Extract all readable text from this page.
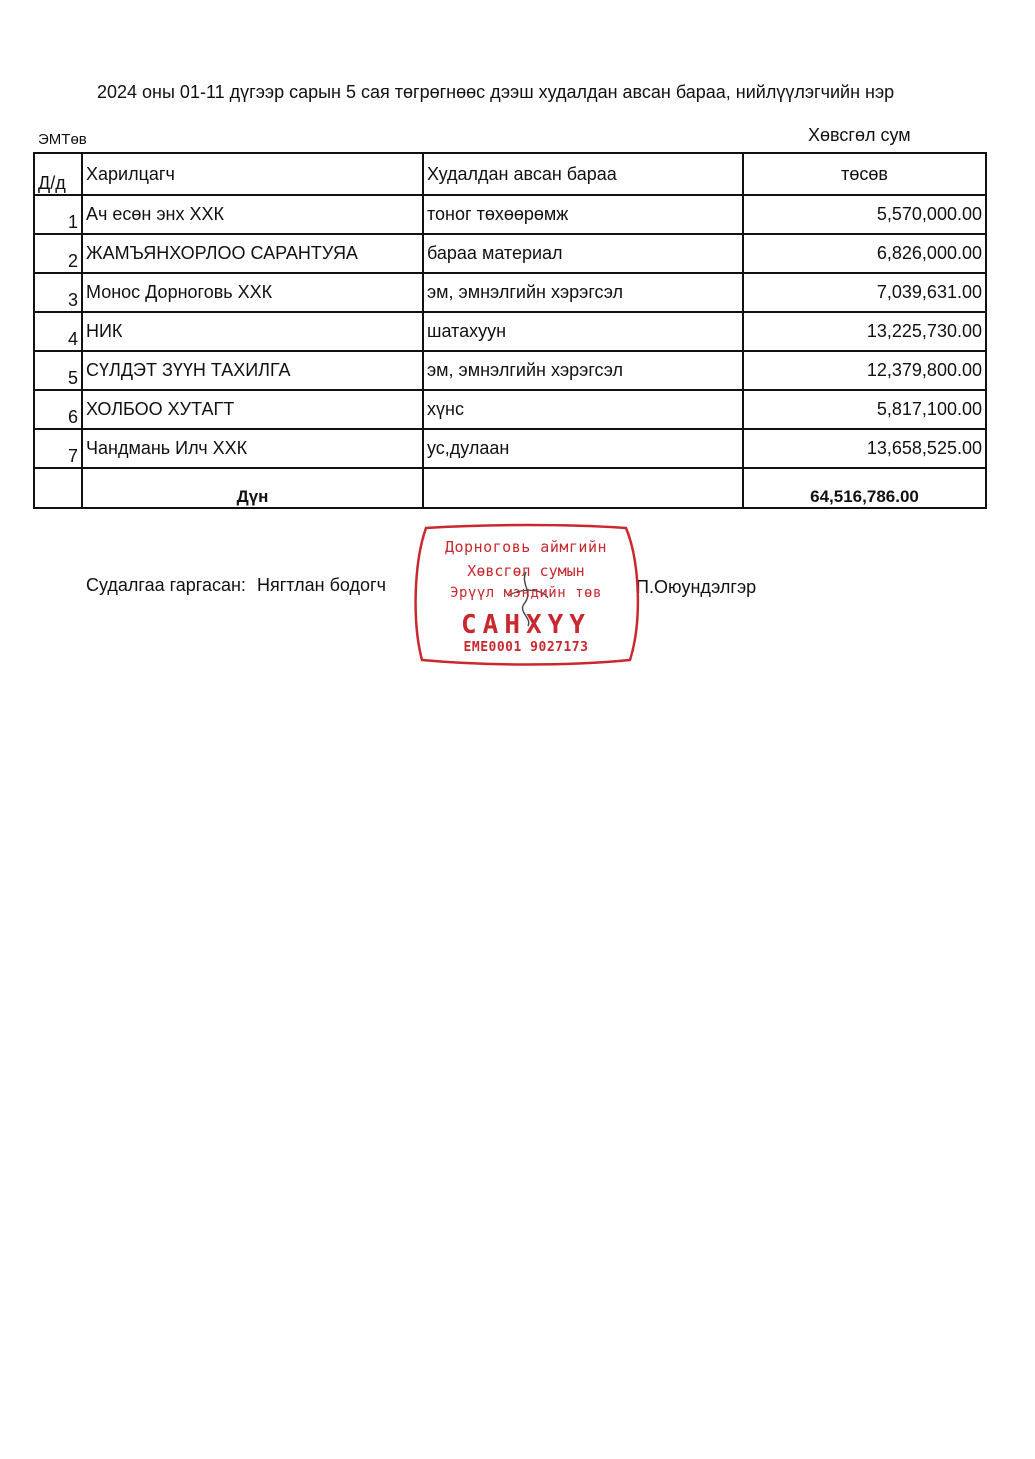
2024 оны 01-11 дүгээр сарын 5 сая төгрөгнөөс дээш худалдан авсан бараа, нийлүүлэгчийн нэр
ЭМТөв	Хөвсгөл сум
Д/д	Харилцагч	Худалдан авсан бараа	төсөв
1	Ач есөн энх ХХК	тоног төхөөрөмж	5,570,000.00
2	ЖАМЪЯНХОРЛОО САРАНТУЯА	бараа материал	6,826,000.00
3	Монос Дорноговь ХХК	эм, эмнэлгийн хэрэгсэл	7,039,631.00
4	НИК	шатахуун	13,225,730.00
5	СҮЛДЭТ ЗҮҮН ТАХИЛГА	эм, эмнэлгийн хэрэгсэл	12,379,800.00
6	ХОЛБОО ХУТАГТ	хүнс	5,817,100.00
7	Чандмань Илч ХХК	ус,дулаан	13,658,525.00
	Дүн		64,516,786.00
Судалгаа гаргасан: Нягтлан бодогч	П.Оюундэлгэр
Дорноговь аймгийн
Хөвсгөл сумын
Эрүүл мэндийн төв
САНХҮҮ
ЕМЕ0001 9027173
